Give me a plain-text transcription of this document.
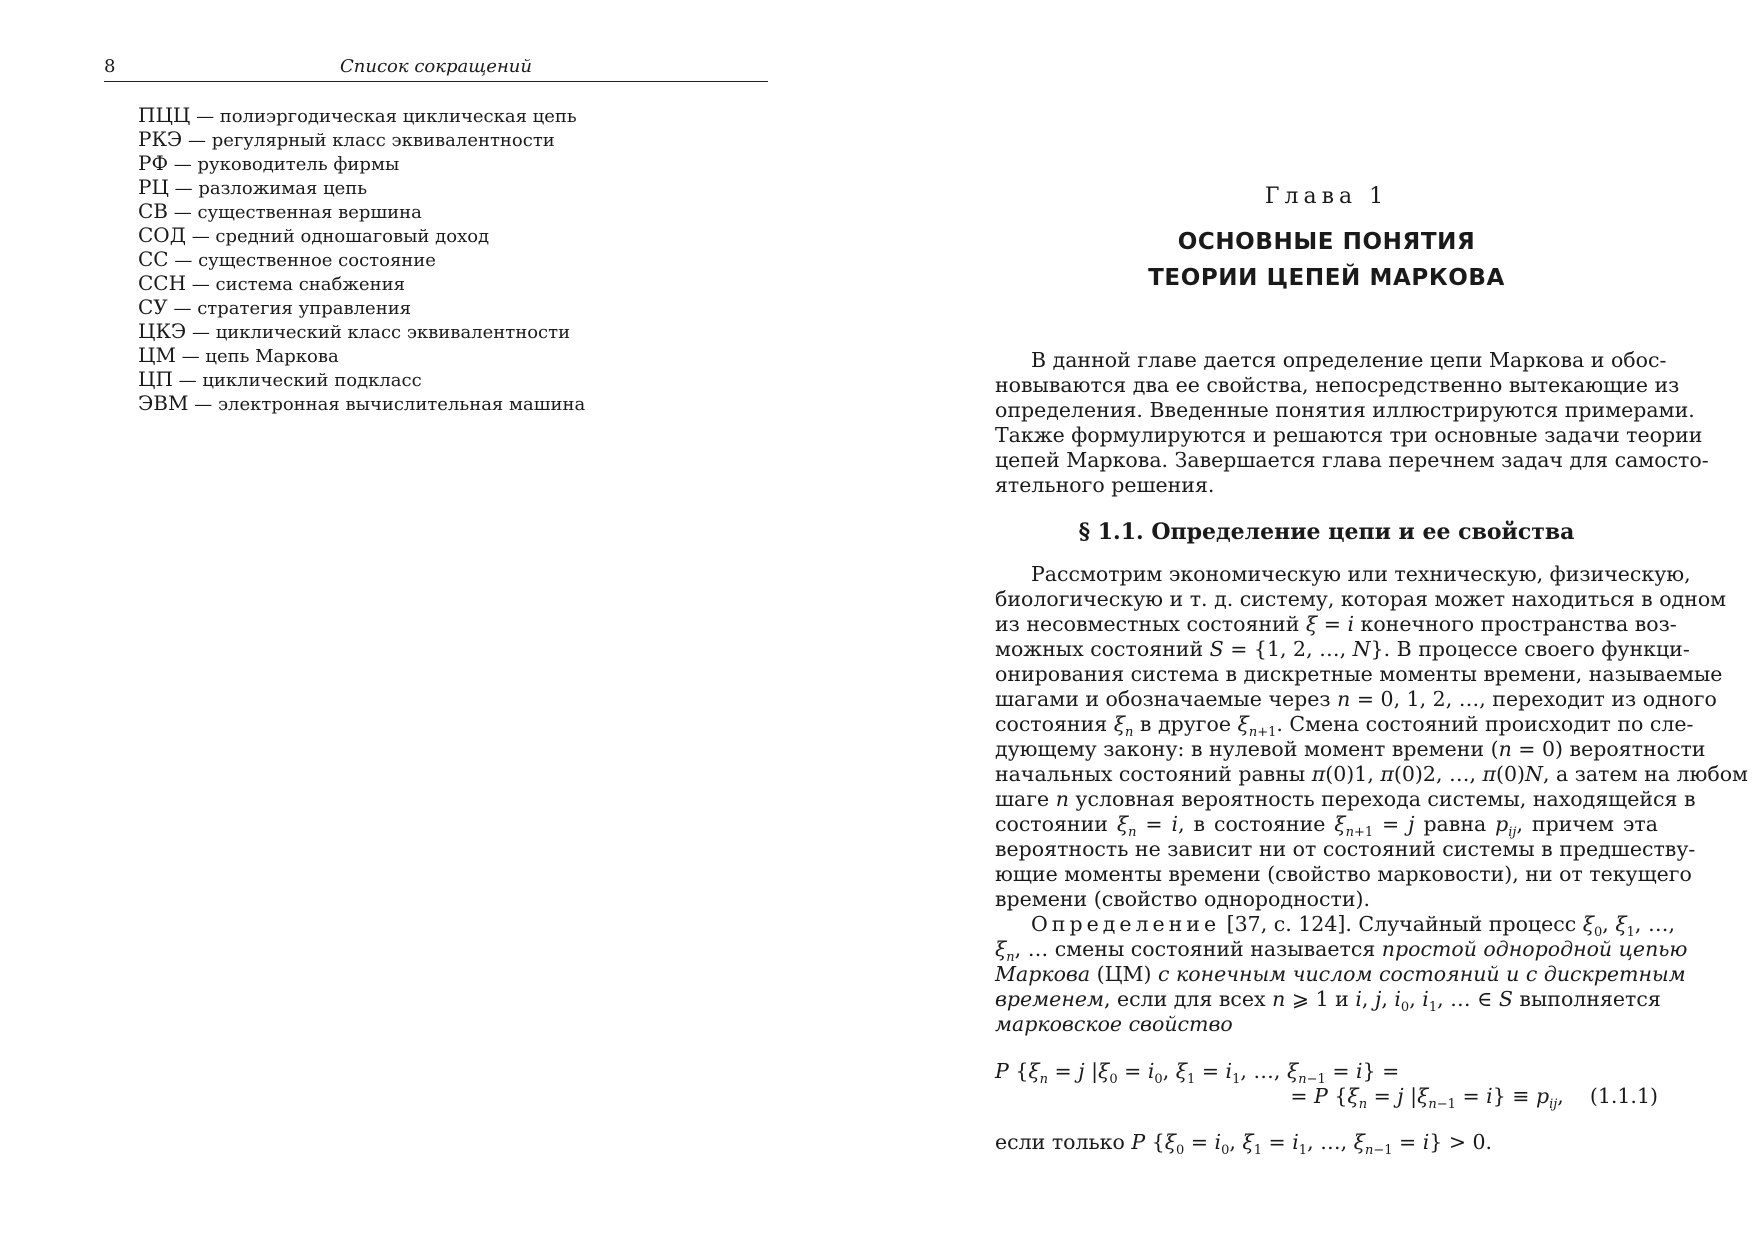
8	Список сокращений
ПЦЦ — полиэргодическая циклическая цепь
РКЭ — регулярный класс эквивалентности
РФ — руководитель фирмы
РЦ — разложимая цепь
СВ — существенная вершина
СОД — средний одношаговый доход
СС — существенное состояние
ССН — система снабжения
СУ — стратегия управления
ЦКЭ — циклический класс эквивалентности
ЦМ — цепь Маркова
ЦП — циклический подкласс
ЭВМ — электронная вычислительная машина
Глава 1
ОСНОВНЫЕ ПОНЯТИЯ
ТЕОРИИ ЦЕПЕЙ МАРКОВА
В данной главе дается определение цепи Маркова и обос-
новываются два ее свойства, непосредственно вытекающие из
определения. Введенные понятия иллюстрируются примерами.
Также формулируются и решаются три основные задачи теории
цепей Маркова. Завершается глава перечнем задач для самосто-
ятельного решения.
§ 1.1. Определение цепи и ее свойства
Рассмотрим экономическую или техническую, физическую,
биологическую и т. д. систему, которая может находиться в одном
из несовместных состояний ξ = i конечного пространства воз-
можных состояний S = {1, 2, …, N}. В процессе своего функци-
онирования система в дискретные моменты времени, называемые
шагами и обозначаемые через n = 0, 1, 2, …, переходит из одного
состояния $\xi_n$ в другое $\xi_{n+1}$. Смена состояний происходит по сле-
дующему закону: в нулевой момент времени (n = 0) вероятности
начальных состояний равны π(0)1, π(0)2, …, π(0)N, а затем на любом
шаге n условная вероятность перехода системы, находящейся в
состоянии $\xi_n = i$, в состояние $\xi_{n+1} = j$ равна $p_{ij}$, причем эта
вероятность не зависит ни от состояний системы в предшеству-
ющие моменты времени (свойство марковости), ни от текущего
времени (свойство однородности).
Определение [37, с. 124]. Случайный процесс $\xi_0$, $\xi_1$, …,
$\xi_n$, … смены состояний называется простой однородной цепью
Маркова (ЦМ) с конечным числом состояний и с дискретным
временем, если для всех n ⩾ 1 и i, j, $i_0$, $i_1$, … ∈ S выполняется
марковское свойство
P {$\xi_n = j$ $|\xi_0 = i_0$, $\xi_1 = i_1$, …, $\xi_{n-1} = i$} =
= P {$\xi_n = j$ $|\xi_{n-1} = i\} \equiv p_{ij}$, (1.1.1)
если только P {$\xi_0 = i_0$, $\xi_1 = i_1$, …, $\xi_{n-1} = i\} > 0$.
